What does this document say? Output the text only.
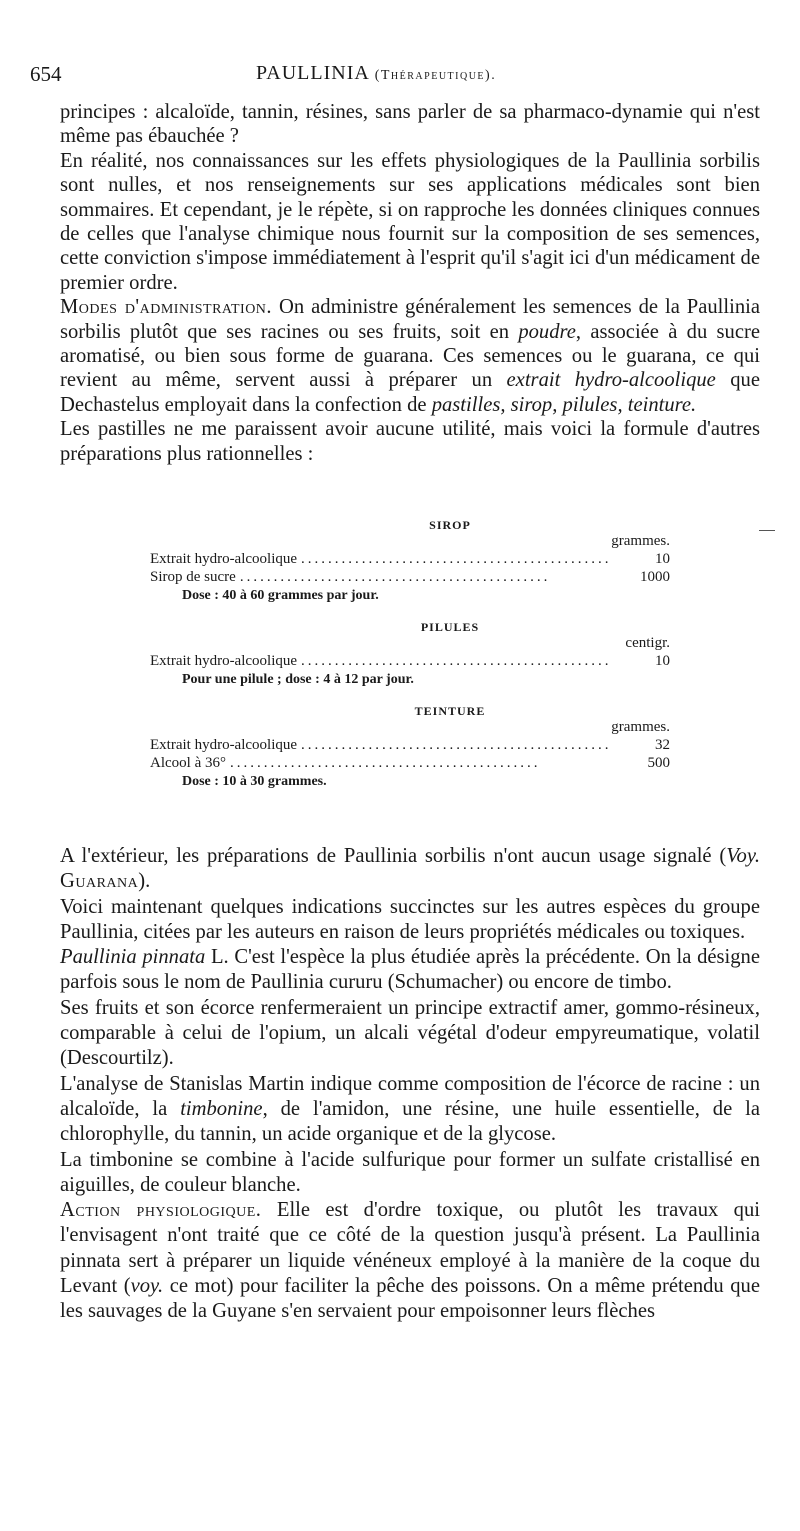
654	PAULLINIA (Thérapeutique).

principes : alcaloïde, tannin, résines, sans parler de sa pharmaco-dynamie qui n'est même pas ébauchée ?

En réalité, nos connaissances sur les effets physiologiques de la Paullinia sorbilis sont nulles, et nos renseignements sur ses applications médicales sont bien sommaires. Et cependant, je le répète, si on rapproche les données cliniques connues de celles que l'analyse chimique nous fournit sur la composition de ses semences, cette conviction s'impose immédiatement à l'esprit qu'il s'agit ici d'un médicament de premier ordre.

Modes d'administration. On administre généralement les semences de la Paullinia sorbilis plutôt que ses racines ou ses fruits, soit en poudre, associée à du sucre aromatisé, ou bien sous forme de guarana. Ces semences ou le guarana, ce qui revient au même, servent aussi à préparer un extrait hydro-alcoolique que Dechastelus employait dans la confection de pastilles, sirop, pilules, teinture.

Les pastilles ne me paraissent avoir aucune utilité, mais voici la formule d'autres préparations plus rationnelles :

SIROP
grammes.
Extrait hydro-alcoolique ..............................................	10
Sirop de sucre ..............................................	1000
Dose : 40 à 60 grammes par jour.
PILULES
centigr.
Extrait hydro-alcoolique ..............................................	10
Pour une pilule ; dose : 4 à 12 par jour.
TEINTURE
grammes.
Extrait hydro-alcoolique ..............................................	32
Alcool à 36° ..............................................	500
Dose : 10 à 30 grammes.

A l'extérieur, les préparations de Paullinia sorbilis n'ont aucun usage signalé (Voy. Guarana).

Voici maintenant quelques indications succinctes sur les autres espèces du groupe Paullinia, citées par les auteurs en raison de leurs propriétés médicales ou toxiques.

Paullinia pinnata L. C'est l'espèce la plus étudiée après la précédente. On la désigne parfois sous le nom de Paullinia cururu (Schumacher) ou encore de timbo.

Ses fruits et son écorce renfermeraient un principe extractif amer, gommo-résineux, comparable à celui de l'opium, un alcali végétal d'odeur empyreumatique, volatil (Descourtilz).

L'analyse de Stanislas Martin indique comme composition de l'écorce de racine : un alcaloïde, la timbonine, de l'amidon, une résine, une huile essentielle, de la chlorophylle, du tannin, un acide organique et de la glycose.

La timbonine se combine à l'acide sulfurique pour former un sulfate cristallisé en aiguilles, de couleur blanche.

Action physiologique. Elle est d'ordre toxique, ou plutôt les travaux qui l'envisagent n'ont traité que ce côté de la question jusqu'à présent. La Paullinia pinnata sert à préparer un liquide vénéneux employé à la manière de la coque du Levant (voy. ce mot) pour faciliter la pêche des poissons. On a même prétendu que les sauvages de la Guyane s'en servaient pour empoisonner leurs flèches
